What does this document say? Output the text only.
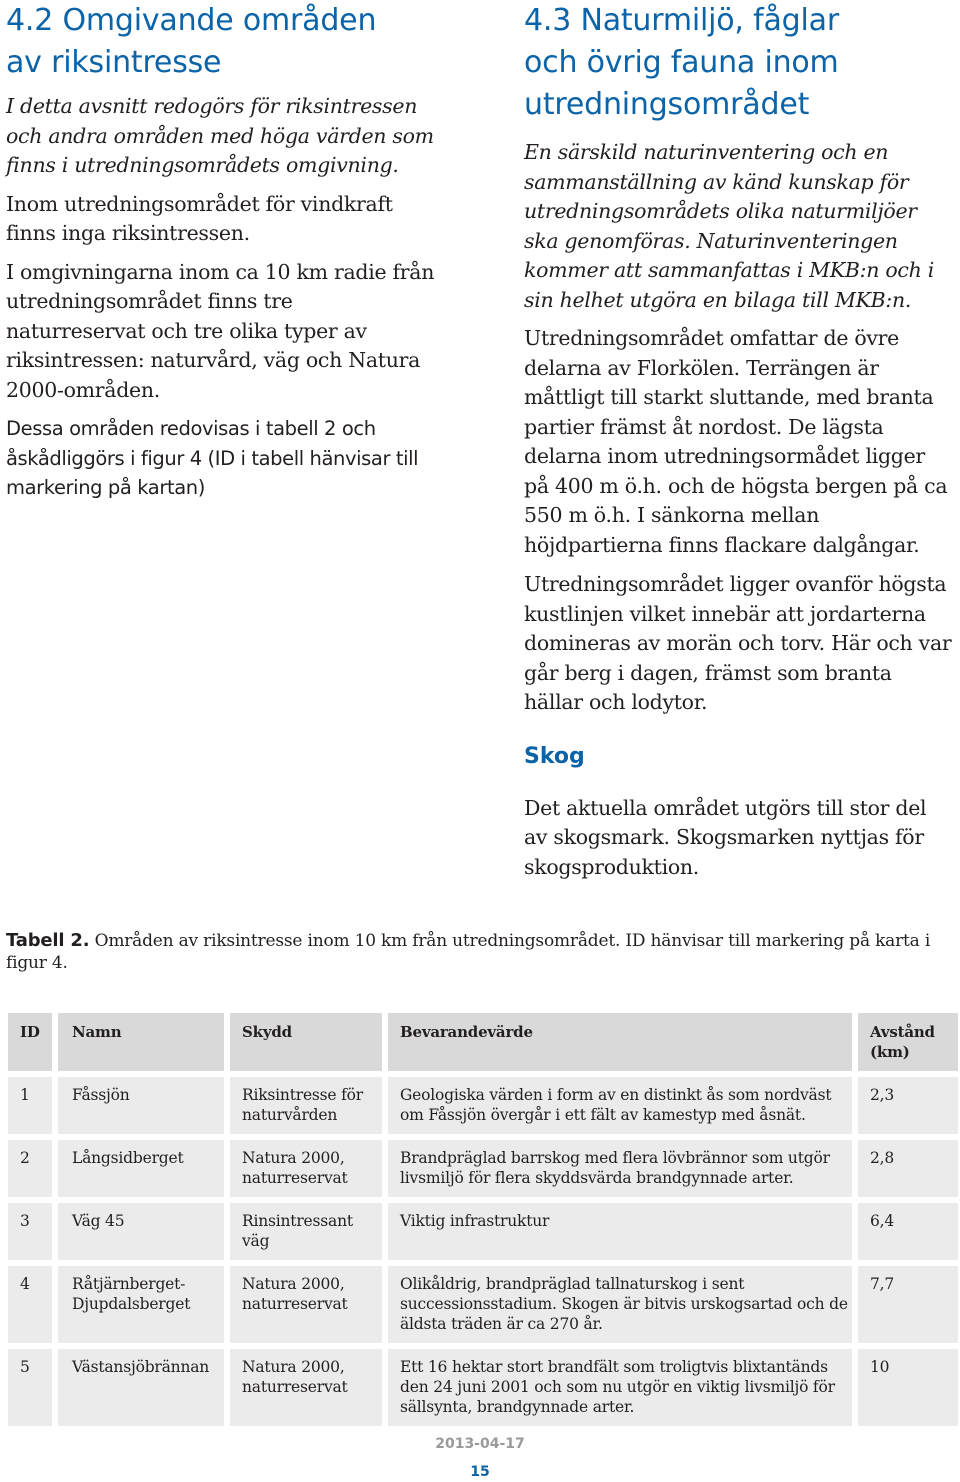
4.2 Omgivande områden av riksintresse

I detta avsnitt redogörs för riksintressen och andra områden med höga värden som finns i utredningsområdets omgivning.

Inom utredningsområdet för vindkraft finns inga riksintressen.

I omgivningarna inom ca 10 km radie från utredningsområdet finns tre naturreservat och tre olika typer av riksintressen: naturvård, väg och Natura 2000-områden.

Dessa områden redovisas i tabell 2 och åskådliggörs i figur 4 (ID i tabell hänvisar till markering på kartan)

4.3 Naturmiljö, fåglar och övrig fauna inom utredningsområdet

En särskild naturinventering och en sammanställning av känd kunskap för utredningsområdets olika naturmiljöer ska genomföras. Naturinventeringen kommer att sammanfattas i MKB:n och i sin helhet utgöra en bilaga till MKB:n.

Utredningsområdet omfattar de övre delarna av Florkölen. Terrängen är måttligt till starkt sluttande, med branta partier främst åt nordost. De lägsta delarna inom utredningsormådet ligger på 400 m ö.h. och de högsta bergen på ca 550 m ö.h. I sänkorna mellan höjdpartierna finns flackare dalgångar.

Utredningsområdet ligger ovanför högsta kustlinjen vilket innebär att jordarterna domineras av morän och torv. Här och var går berg i dagen, främst som branta hällar och lodytor.

Skog

Det aktuella området utgörs till stor del av skogsmark. Skogsmarken nyttjas för skogsproduktion.

Tabell 2. Områden av riksintresse inom 10 km från utredningsområdet. ID hänvisar till markering på karta i figur 4.
ID	Namn	Skydd	Bevarandevärde	Avstånd (km)
1	Fåssjön	Riksintresse för naturvården	Geologiska värden i form av en distinkt ås som nordväst om Fåssjön övergår i ett fält av kamestyp med åsnät.	2,3
2	Långsidberget	Natura 2000, naturreservat	Brandpräglad barrskog med flera lövbrännor som utgör livsmiljö för flera skyddsvärda brandgynnade arter.	2,8
3	Väg 45	Rinsintressant väg	Viktig infrastruktur	6,4
4	Råtjärnberget-Djupdalsberget	Natura 2000, naturreservat	Olikåldrig, brandpräglad tallnaturskog i sent successionsstadium. Skogen är bitvis urskogsartad och de äldsta träden är ca 270 år.	7,7
5	Västansjöbrännan	Natura 2000, naturreservat	Ett 16 hektar stort brandfält som troligtvis blixtantänds den 24 juni 2001 och som nu utgör en viktig livsmiljö för sällsynta, brandgynnade arter.	10
2013-04-17
15
